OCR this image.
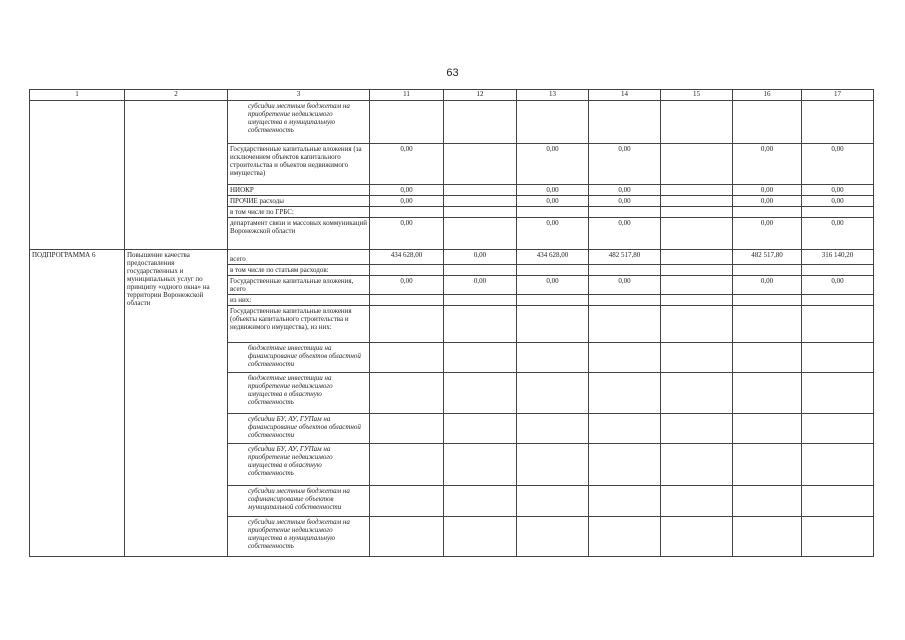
63
1	2	3	11	12	13	14	15	16	17
		субсидии местным бюджетам на приобретение недвижимого имущества в муниципальную собственность							
		Государственные капитальные вложения (за исключением объектов капитального строительства и объектов недвижимого имущества)	0,00		0,00	0,00		0,00	0,00
		НИОКР	0,00		0,00	0,00		0,00	0,00
		ПРОЧИЕ расходы	0,00		0,00	0,00		0,00	0,00
		в том числе по ГРБС:							
		департамент связи и массовых коммуникаций Воронежской области	0,00		0,00	0,00		0,00	0,00
ПОДПРОГРАММА 6	Повышение качества предоставления государственных и муниципальных услуг по принципу «одного окна» на территории Воронежской области	всего	434 628,00	0,00	434 628,00	482 517,80		482 517,80	316 140,20
		в том числе по статьям расходов:							
		Государственные капитальные вложения, всего	0,00	0,00	0,00	0,00		0,00	0,00
		из них:							
		Государственные капитальные вложения (объекты капитального строительства и недвижимого имущества), из них:							
		бюджетные инвестиции на финансирование объектов областной собственности							
		бюджетные инвестиции на приобретение недвижимого имущества в областную собственность							
		субсидии БУ, АУ, ГУПам на финансирование объектов областной собственности							
		субсидии БУ, АУ, ГУПам на приобретение недвижимого имущества в областную собственность							
		субсидии местным бюджетам на софинансирование объектов муниципальной собственности							
		субсидии местным бюджетам на приобретение недвижимого имущества в муниципальную собственность							
